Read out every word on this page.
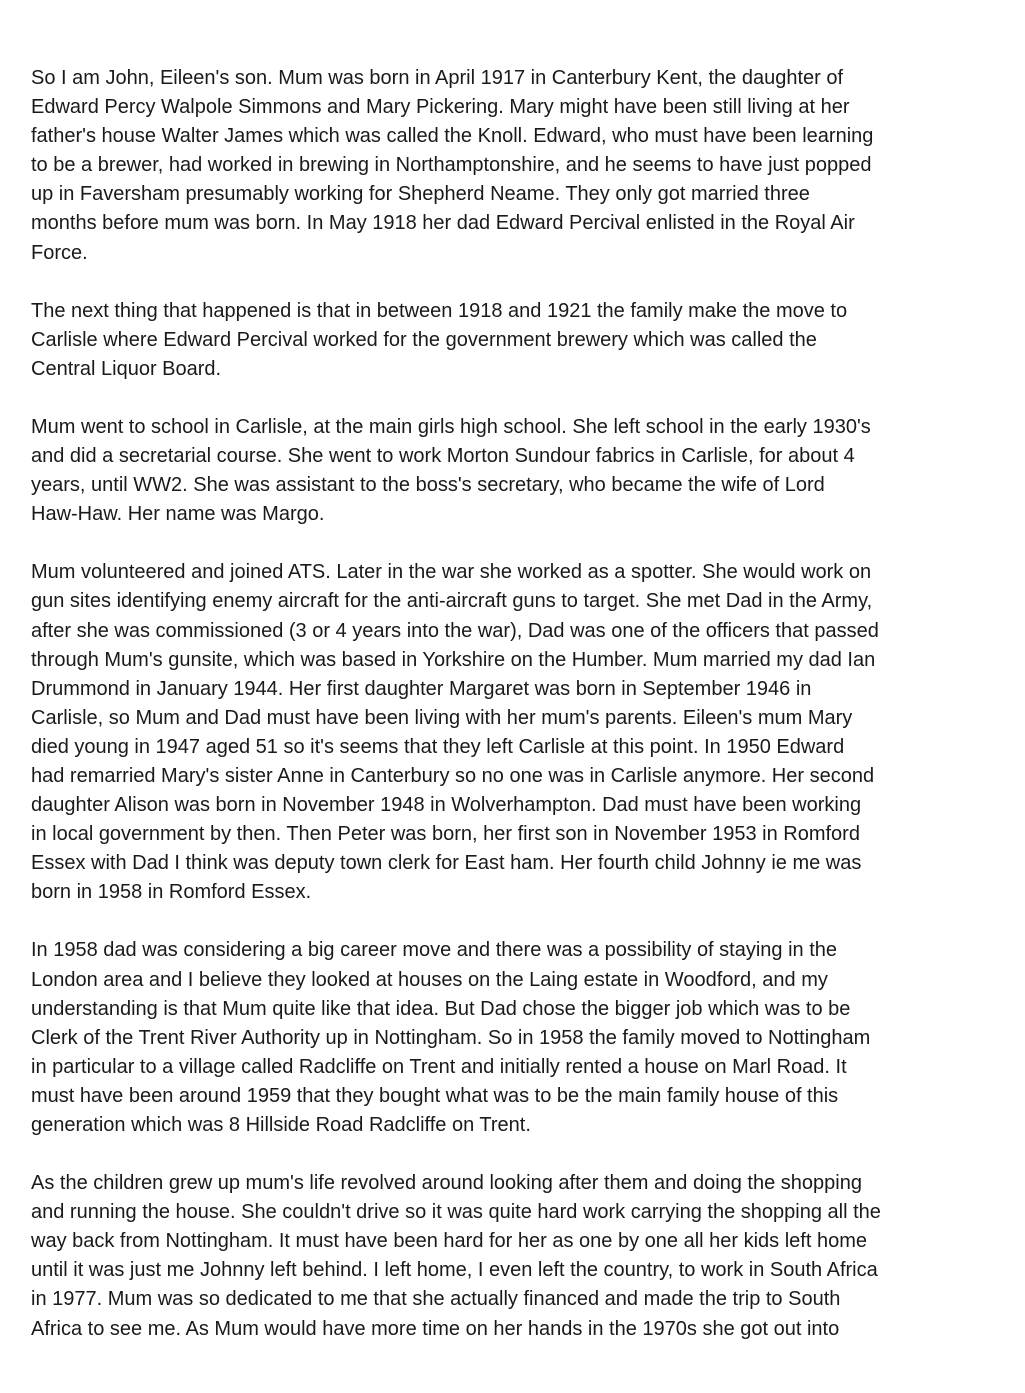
So I am John, Eileen's son. Mum was born in April 1917 in Canterbury Kent, the daughter of
Edward Percy Walpole Simmons and Mary Pickering. Mary might have been still living at her
father's house Walter James which was called the Knoll. Edward, who must have been learning
to be a brewer, had worked in brewing in Northamptonshire, and he seems to have just popped
up in Faversham presumably working for Shepherd Neame. They only got married three
months before mum was born. In May 1918 her dad Edward Percival enlisted in the Royal Air
Force.
The next thing that happened is that in between 1918 and 1921 the family make the move to
Carlisle where Edward Percival worked for the government brewery which was called the
Central Liquor Board.
Mum went to school in Carlisle, at the main girls high school. She left school in the early 1930's
and did a secretarial course. She went to work Morton Sundour fabrics in Carlisle, for about 4
years, until WW2. She was assistant to the boss's secretary, who became the wife of Lord
Haw-Haw. Her name was Margo.
Mum volunteered and joined ATS. Later in the war she worked as a spotter. She would work on
gun sites identifying enemy aircraft for the anti-aircraft guns to target. She met Dad in the Army,
after she was commissioned (3 or 4 years into the war), Dad was one of the officers that passed
through Mum's gunsite, which was based in Yorkshire on the Humber. Mum married my dad Ian
Drummond in January 1944. Her first daughter Margaret was born in September 1946 in
Carlisle, so Mum and Dad must have been living with her mum's parents. Eileen's mum Mary
died young in 1947 aged 51 so it's seems that they left Carlisle at this point. In 1950 Edward
had remarried Mary's sister Anne in Canterbury so no one was in Carlisle anymore. Her second
daughter Alison was born in November 1948 in Wolverhampton. Dad must have been working
in local government by then. Then Peter was born, her first son in November 1953 in Romford
Essex with Dad I think was deputy town clerk for East ham. Her fourth child Johnny ie me was
born in 1958 in Romford Essex.
In 1958 dad was considering a big career move and there was a possibility of staying in the
London area and I believe they looked at houses on the Laing estate in Woodford, and my
understanding is that Mum quite like that idea. But Dad chose the bigger job which was to be
Clerk of the Trent River Authority up in Nottingham. So in 1958 the family moved to Nottingham
in particular to a village called Radcliffe on Trent and initially rented a house on Marl Road. It
must have been around 1959 that they bought what was to be the main family house of this
generation which was 8 Hillside Road Radcliffe on Trent.
As the children grew up mum's life revolved around looking after them and doing the shopping
and running the house. She couldn't drive so it was quite hard work carrying the shopping all the
way back from Nottingham. It must have been hard for her as one by one all her kids left home
until it was just me Johnny left behind. I left home, I even left the country, to work in South Africa
in 1977. Mum was so dedicated to me that she actually financed and made the trip to South
Africa to see me. As Mum would have more time on her hands in the 1970s she got out into
